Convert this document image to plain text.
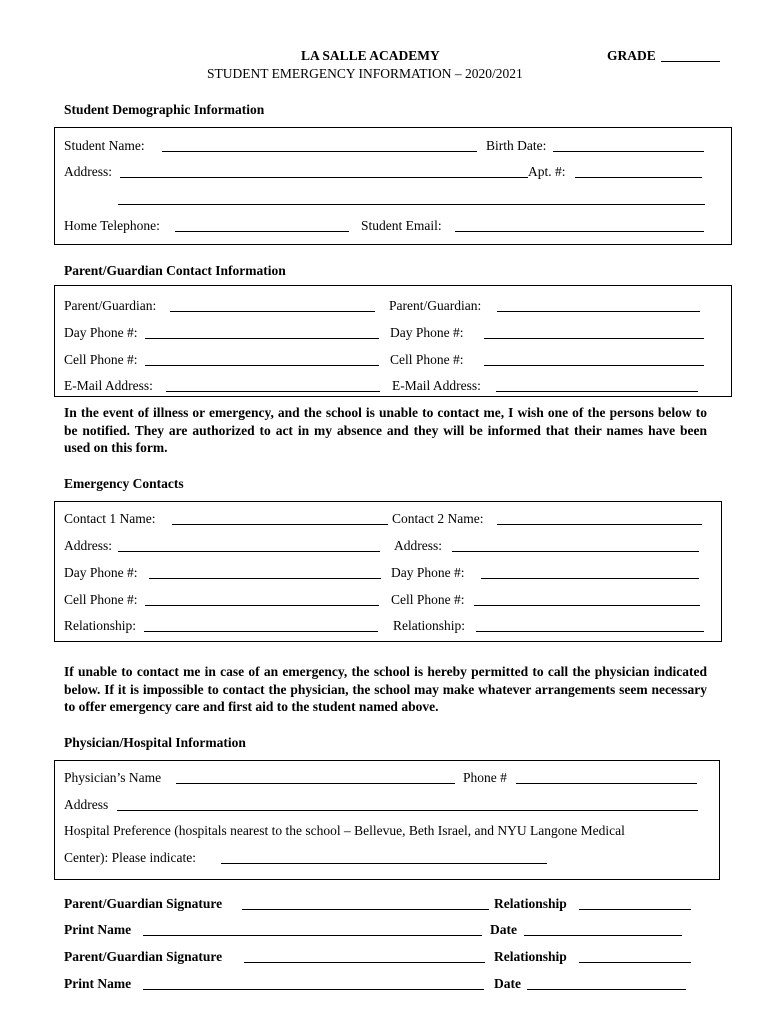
LA SALLE ACADEMY	GRADE
STUDENT EMERGENCY INFORMATION – 2020/2021
Student Demographic Information
Student Name:	Birth Date:
Address:	Apt. #:
Home Telephone:	Student Email:
Parent/Guardian Contact Information
Parent/Guardian:	Parent/Guardian:
Day Phone #:	Day Phone #:
Cell Phone #:	Cell Phone #:
E-Mail Address:	E-Mail Address:
In the event of illness or emergency, and the school is unable to contact me, I wish one of the persons below to be notified. They are authorized to act in my absence and they will be informed that their names have been used on this form.
Emergency Contacts
Contact 1 Name:	Contact 2 Name:
Address:	Address:
Day Phone #:	Day Phone #:
Cell Phone #:	Cell Phone #:
Relationship:	Relationship:
If unable to contact me in case of an emergency, the school is hereby permitted to call the physician indicated below. If it is impossible to contact the physician, the school may make whatever arrangements seem necessary to offer emergency care and first aid to the student named above.
Physician/Hospital Information
Physician’s Name	Phone #
Address
Hospital Preference (hospitals nearest to the school – Bellevue, Beth Israel, and NYU Langone Medical
Center): Please indicate:
Parent/Guardian Signature	Relationship
Print Name	Date
Parent/Guardian Signature	Relationship
Print Name	Date
